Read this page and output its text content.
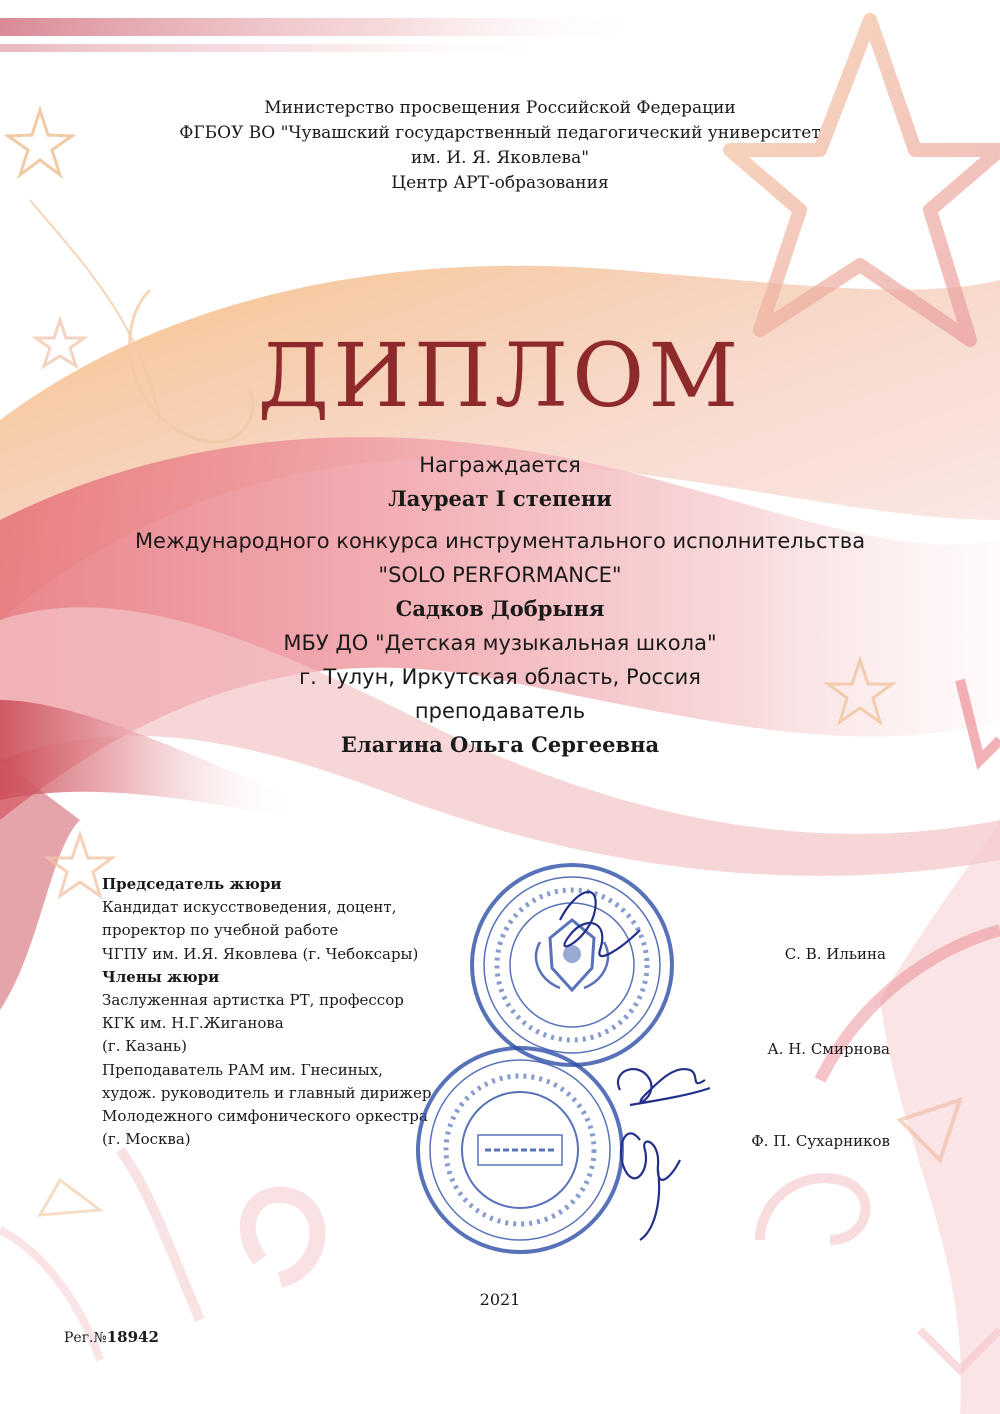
Министерство просвещения Российской Федерации
ФГБОУ ВО "Чувашский государственный педагогический университет
им. И. Я. Яковлева"
Центр АРТ-образования
ДИПЛОМ
Награждается
Лауреат I степени
Международного конкурса инструментального исполнительства
"SOLO PERFORMANCE"
Садков Добрыня
МБУ ДО "Детская музыкальная школа"
г. Тулун, Иркутская область, Россия
преподаватель
Елагина Ольга Сергеевна
Председатель жюри
Кандидат искусствоведения, доцент,
проректор по учебной работе
ЧГПУ им. И.Я. Яковлева (г. Чебоксары)
Члены жюри
Заслуженная артистка РТ, профессор
КГК им. Н.Г.Жиганова
(г. Казань)
Преподаватель РАМ им. Гнесиных,
худож. руководитель и главный дирижер
Молодежного симфонического оркестра
(г. Москва)
С. В. Ильина
А. Н. Смирнова
Ф. П. Сухарников
2021
Рег.№18942
